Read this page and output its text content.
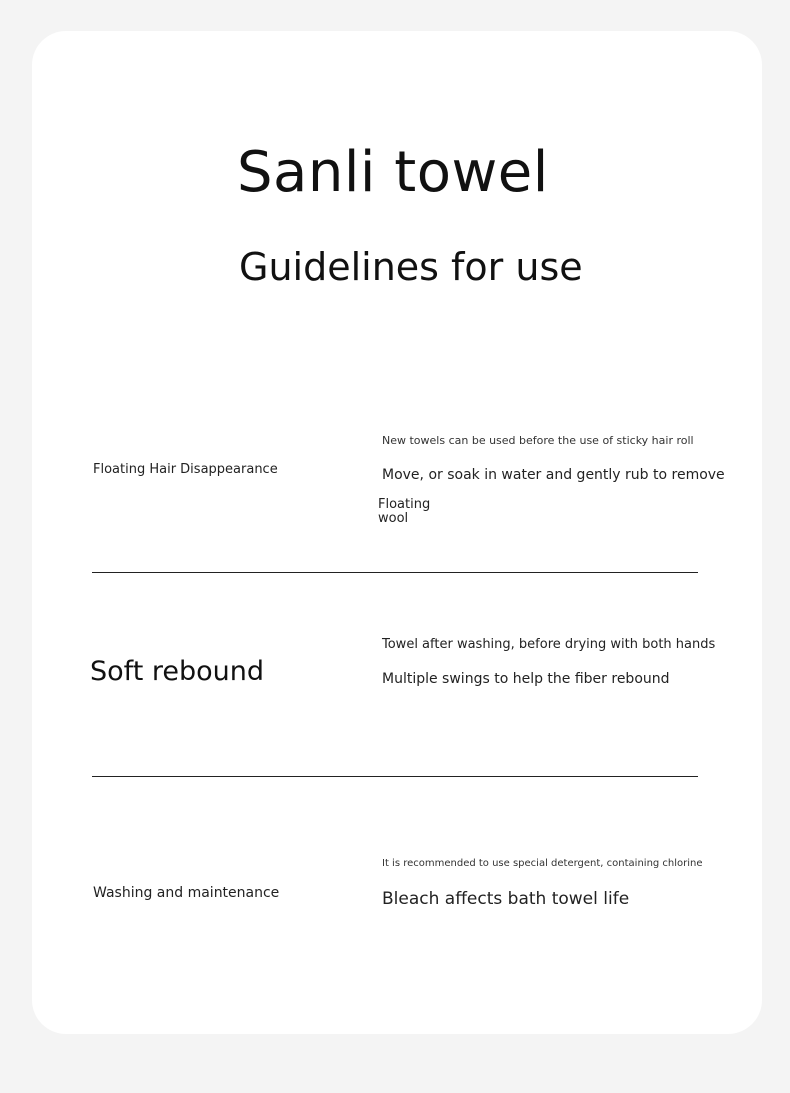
Sanli towel
Guidelines for use
Floating Hair Disappearance
New towels can be used before the use of sticky hair roll
Move, or soak in water and gently rub to remove
Floating
wool
Soft rebound
Towel after washing, before drying with both hands
Multiple swings to help the fiber rebound
Washing and maintenance
It is recommended to use special detergent, containing chlorine
Bleach affects bath towel life
